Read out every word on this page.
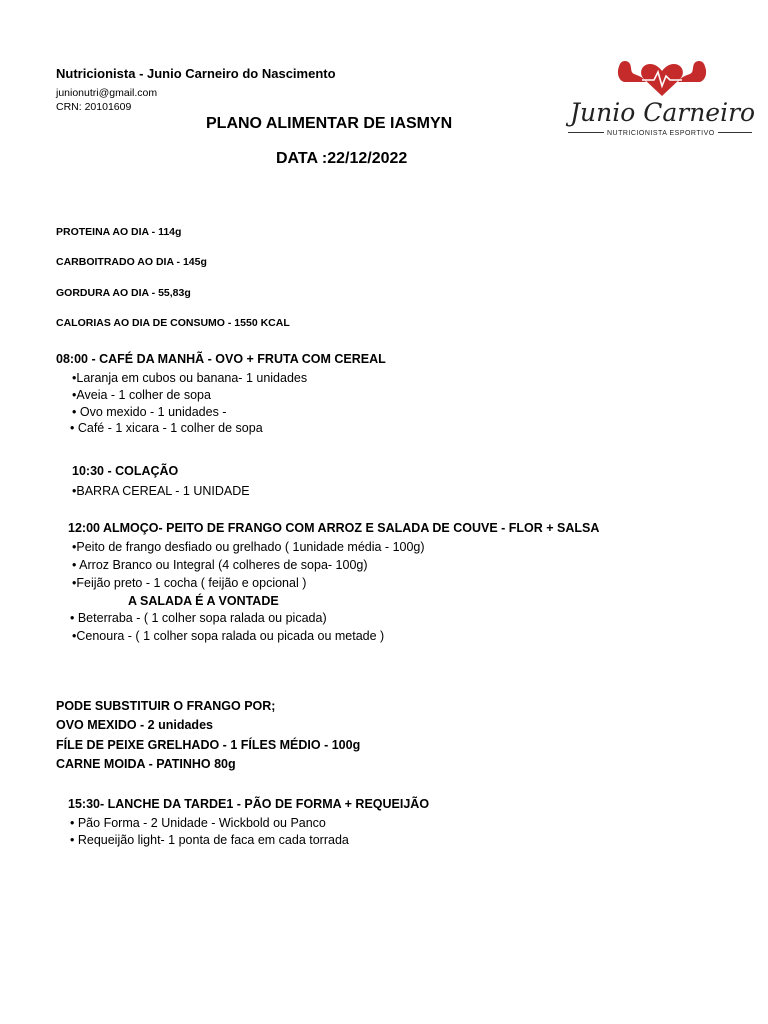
Nutricionista - Junio Carneiro do Nascimento
junionutri@gmail.com
CRN: 20101609	Junio Carneiro
NUTRICIONISTA ESPORTIVO
PLANO ALIMENTAR DE IASMYN
DATA :22/12/2022
PROTEINA AO DIA - 114g
CARBOITRADO AO DIA - 145g
GORDURA AO DIA - 55,83g
CALORIAS AO DIA DE CONSUMO - 1550 KCAL
08:00 - CAFÉ DA MANHÃ - OVO + FRUTA COM CEREAL
•Laranja em cubos ou banana- 1 unidades
•Aveia - 1 colher de sopa
• Ovo mexido - 1 unidades -
• Café - 1 xicara - 1 colher de sopa
10:30 - COLAÇÃO
•BARRA CEREAL - 1 UNIDADE
12:00 ALMOÇO- PEITO DE FRANGO COM ARROZ E SALADA DE COUVE - FLOR + SALSA
•Peito de frango desfiado ou grelhado ( 1unidade média - 100g)
• Arroz Branco ou Integral (4 colheres de sopa- 100g)
•Feijão preto - 1 cocha ( feijão e opcional )
A SALADA É A VONTADE
• Beterraba - ( 1 colher sopa ralada ou picada)
•Cenoura - ( 1 colher sopa ralada ou picada ou metade )
PODE SUBSTITUIR O FRANGO POR;
OVO MEXIDO - 2 unidades
FÍLE DE PEIXE GRELHADO - 1 FÍLES MÉDIO - 100g
CARNE MOIDA - PATINHO 80g
15:30- LANCHE DA TARDE1 - PÃO DE FORMA + REQUEIJÃO
• Pão Forma - 2 Unidade - Wickbold ou Panco
• Requeijão light- 1 ponta de faca em cada torrada
